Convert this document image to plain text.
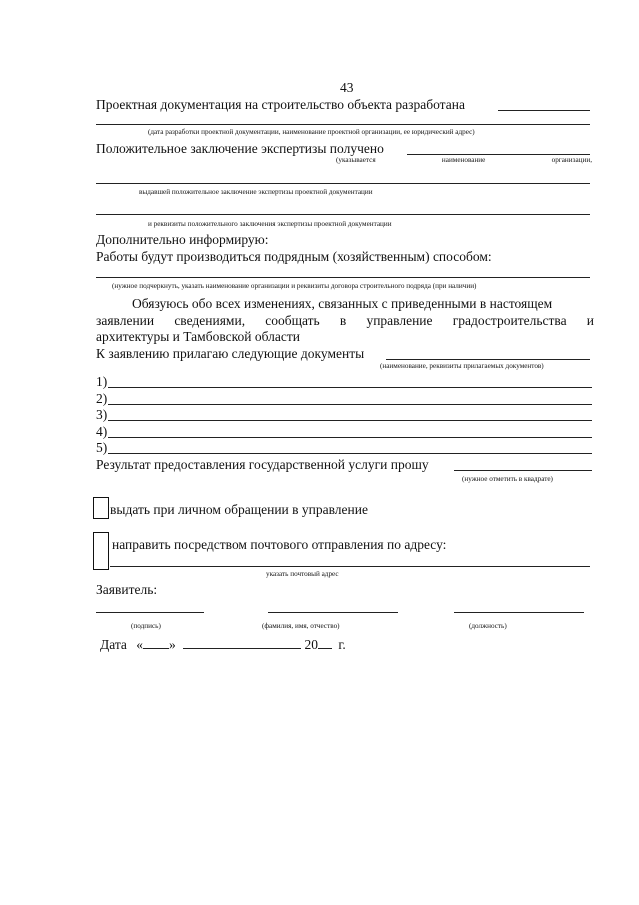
43
Проектная документация на строительство объекта разработана
(дата разработки проектной документации, наименование проектной организации, ее юридический адрес)
Положительное заключение экспертизы получено
(указывается	наименование	организации,
выдавшей положительное заключение экспертизы проектной документации
и реквизиты положительного заключения экспертизы проектной документации
Дополнительно информирую:
Работы будут производиться подрядным (хозяйственным) способом:
(нужное подчеркнуть, указать наименование организации и реквизиты договора строительного подряда (при наличии)
Обязуюсь обо всех изменениях, связанных с приведенными в настоящем
заявлении сведениями, сообщать в управление градостроительства и
архитектуры и Тамбовской области
К заявлению прилагаю следующие документы
(наименование, реквизиты прилагаемых документов)
1)
2)
3)
4)
5)
Результат предоставления государственной услуги прошу
(нужное отметить в квадрате)
выдать при личном обращении в управление
направить посредством почтового отправления по адресу:
указать почтовый адрес
Заявитель:
(подпись)	(фамилия, имя, отчество)	(должность)
Дата « »	20 г.
